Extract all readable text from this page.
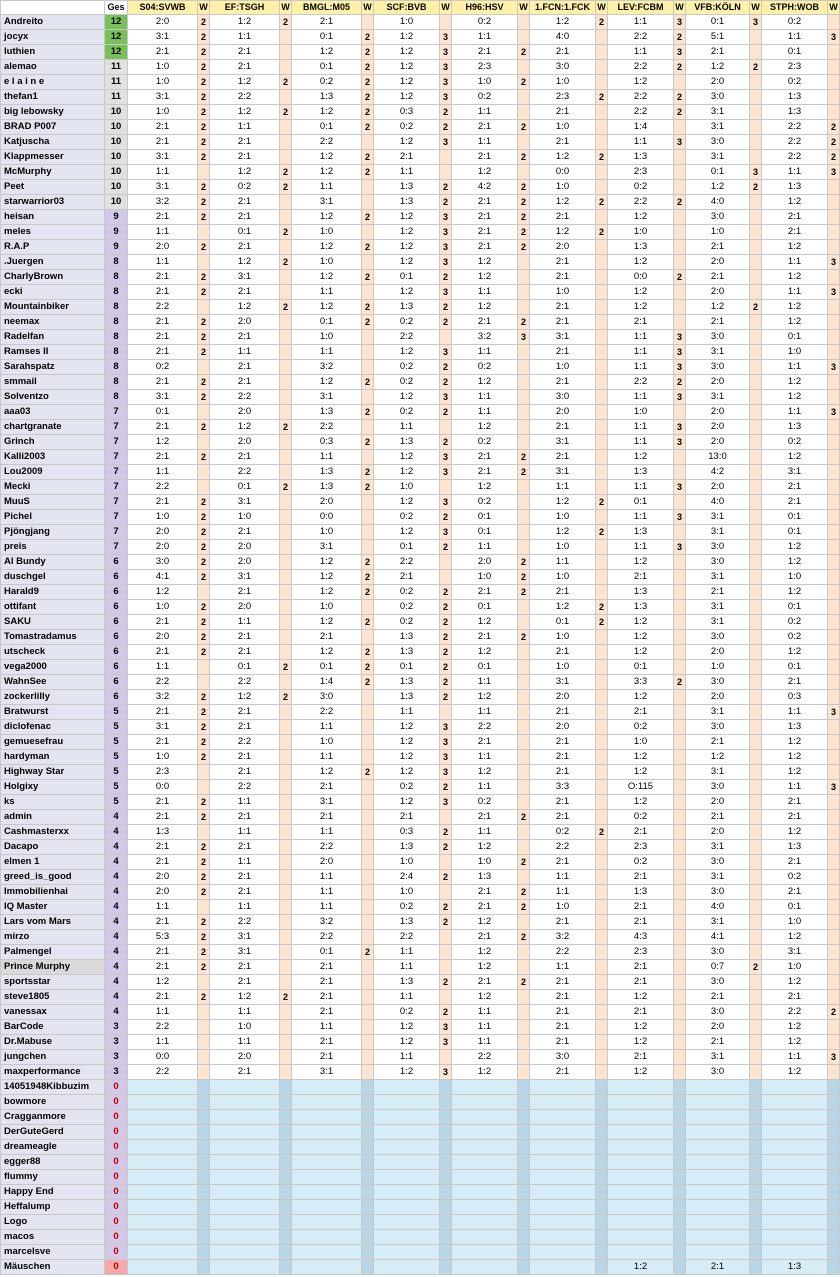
	Ges	S04:SVWB	W	EF:TSGH	W	BMGL:M05	W	SCF:BVB	W	H96:HSV	W	1.FCN:1.FCK	W	LEV:FCBM	W	VFB:KÖLN	W	STPH:WOB	W
Andreito	12	2:0	2	1:2	2	2:1		1:0		0:2		1:2	2	1:1	3	0:1	3	0:2	
jocyx	12	3:1	2	1:1		0:1	2	1:2	3	1:1		4:0		2:2	2	5:1		1:1	3
luthien	12	2:1	2	2:1		1:2	2	1:2	3	2:1	2	2:1		1:1	3	2:1		0:1	
alemao	11	1:0	2	2:1		0:1	2	1:2	3	2:3		3:0		2:2	2	1:2	2	2:3	
e l a i n e	11	1:0	2	1:2	2	0:2	2	1:2	3	1:0	2	1:0		1:2		2:0		0:2	
thefan1	11	3:1	2	2:2		1:3	2	1:2	3	0:2		2:3	2	2:2	2	3:0		1:3	
big lebowsky	10	1:0	2	1:2	2	1:2	2	0:3	2	1:1		2:1		2:2	2	3:1		1:3	
BRAD P007	10	2:1	2	1:1		0:1	2	0:2	2	2:1	2	1:0		1:4		3:1		2:2	2
Katjuscha	10	2:1	2	2:1		2:2		1:2	3	1:1		2:1		1:1	3	3:0		2:2	2
Klappmesser	10	3:1	2	2:1		1:2	2	2:1		2:1	2	1:2	2	1:3		3:1		2:2	2
McMurphy	10	1:1		1:2	2	1:2	2	1:1		1:2		0:0		2:3		0:1	3	1:1	3
Peet	10	3:1	2	0:2	2	1:1		1:3	2	4:2	2	1:0		0:2		1:2	2	1:3	
starwarrior03	10	3:2	2	2:1		3:1		1:3	2	2:1	2	1:2	2	2:2	2	4:0		1:2	
heisan	9	2:1	2	2:1		1:2	2	1:2	3	2:1	2	2:1		1:2		3:0		2:1	
meles	9	1:1		0:1	2	1:0		1:2	3	2:1	2	1:2	2	1:0		1:0		2:1	
R.A.P	9	2:0	2	2:1		1:2	2	1:2	3	2:1	2	2:0		1:3		2:1		1:2	
.Juergen	8	1:1		1:2	2	1:0		1:2	3	1:2		2:1		1:2		2:0		1:1	3
CharlyBrown	8	2:1	2	3:1		1:2	2	0:1	2	1:2		2:1		0:0	2	2:1		1:2	
ecki	8	2:1	2	2:1		1:1		1:2	3	1:1		1:0		1:2		2:0		1:1	3
Mountainbiker	8	2:2		1:2	2	1:2	2	1:3	2	1:2		2:1		1:2		1:2	2	1:2	
neemax	8	2:1	2	2:0		0:1	2	0:2	2	2:1	2	2:1		2:1		2:1		1:2	
Radelfan	8	2:1	2	2:1		1:0		2:2		3:2	3	3:1		1:1	3	3:0		0:1	
Ramses II	8	2:1	2	1:1		1:1		1:2	3	1:1		2:1		1:1	3	3:1		1:0	
Sarahspatz	8	0:2		2:1		3:2		0:2	2	0:2		1:0		1:1	3	3:0		1:1	3
smmail	8	2:1	2	2:1		1:2	2	0:2	2	1:2		2:1		2:2	2	2:0		1:2	
Solventzo	8	3:1	2	2:2		3:1		1:2	3	1:1		3:0		1:1	3	3:1		1:2	
aaa03	7	0:1		2:0		1:3	2	0:2	2	1:1		2:0		1:0		2:0		1:1	3
chartgranate	7	2:1	2	1:2	2	2:2		1:1		1:2		2:1		1:1	3	2:0		1:3	
Grinch	7	1:2		2:0		0:3	2	1:3	2	0:2		3:1		1:1	3	2:0		0:2	
Kalli2003	7	2:1	2	2:1		1:1		1:2	3	2:1	2	2:1		1:2		13:0		1:2	
Lou2009	7	1:1		2:2		1:3	2	1:2	3	2:1	2	3:1		1:3		4:2		3:1	
Mecki	7	2:2		0:1	2	1:3	2	1:0		1:2		1:1		1:1	3	2:0		2:1	
MuuS	7	2:1	2	3:1		2:0		1:2	3	0:2		1:2	2	0:1		4:0		2:1	
Pichel	7	1:0	2	1:0		0:0		0:2	2	0:1		1:0		1:1	3	3:1		0:1	
Pjöngjang	7	2:0	2	2:1		1:0		1:2	3	0:1		1:2	2	1:3		3:1		0:1	
preis	7	2:0	2	2:0		3:1		0:1	2	1:1		1:0		1:1	3	3:0		1:2	
Al Bundy	6	3:0	2	2:0		1:2	2	2:2		2:0	2	1:1		1:2		3:0		1:2	
duschgel	6	4:1	2	3:1		1:2	2	2:1		1:0	2	1:0		2:1		3:1		1:0	
Harald9	6	1:2		2:1		1:2	2	0:2	2	2:1	2	2:1		1:3		2:1		1:2	
ottifant	6	1:0	2	2:0		1:0		0:2	2	0:1		1:2	2	1:3		3:1		0:1	
SAKU	6	2:1	2	1:1		1:2	2	0:2	2	1:2		0:1	2	1:2		3:1		0:2	
Tomastradamus	6	2:0	2	2:1		2:1		1:3	2	2:1	2	1:0		1:2		3:0		0:2	
utscheck	6	2:1	2	2:1		1:2	2	1:3	2	1:2		2:1		1:2		2:0		1:2	
vega2000	6	1:1		0:1	2	0:1	2	0:1	2	0:1		1:0		0:1		1:0		0:1	
WahnSee	6	2:2		2:2		1:4	2	1:3	2	1:1		3:1		3:3	2	3:0		2:1	
zockerlilly	6	3:2	2	1:2	2	3:0		1:3	2	1:2		2:0		1:2		2:0		0:3	
Bratwurst	5	2:1	2	2:1		2:2		1:1		1:1		2:1		2:1		3:1		1:1	3
diclofenac	5	3:1	2	2:1		1:1		1:2	3	2:2		2:0		0:2		3:0		1:3	
gemuesefrau	5	2:1	2	2:2		1:0		1:2	3	2:1		2:1		1:0		2:1		1:2	
hardyman	5	1:0	2	2:1		1:1		1:2	3	1:1		2:1		1:2		1:2		1:2	
Highway Star	5	2:3		2:1		1:2	2	1:2	3	1:2		2:1		1:2		3:1		1:2	
Holgixy	5	0:0		2:2		2:1		0:2	2	1:1		3:3		O:115		3:0		1:1	3
ks	5	2:1	2	1:1		3:1		1:2	3	0:2		2:1		1:2		2:0		2:1	
admin	4	2:1	2	2:1		2:1		2:1		2:1	2	2:1		0:2		2:1		2:1	
Cashmasterxx	4	1:3		1:1		1:1		0:3	2	1:1		0:2	2	2:1		2:0		1:2	
Dacapo	4	2:1	2	2:1		2:2		1:3	2	1:2		2:2		2:3		3:1		1:3	
elmen 1	4	2:1	2	1:1		2:0		1:0		1:0	2	2:1		0:2		3:0		2:1	
greed_is_good	4	2:0	2	2:1		1:1		2:4	2	1:3		1:1		2:1		3:1		0:2	
Immobilienhai	4	2:0	2	2:1		1:1		1:0		2:1	2	1:1		1:3		3:0		2:1	
IQ Master	4	1:1		1:1		1:1		0:2	2	2:1	2	1:0		2:1		4:0		0:1	
Lars vom Mars	4	2:1	2	2:2		3:2		1:3	2	1:2		2:1		2:1		3:1		1:0	
mirzo	4	5:3	2	3:1		2:2		2:2		2:1	2	3:2		4:3		4:1		1:2	
Palmengel	4	2:1	2	3:1		0:1	2	1:1		1:2		2:2		2:3		3:0		3:1	
Prince Murphy	4	2:1	2	2:1		2:1		1:1		1:2		1:1		2:1		0:7	2	1:0	
sportsstar	4	1:2		2:1		2:1		1:3	2	2:1	2	2:1		2:1		3:0		1:2	
steve1805	4	2:1	2	1:2	2	2:1		1:1		1:2		2:1		1:2		2:1		2:1	
vanessax	4	1:1		1:1		2:1		0:2	2	1:1		2:1		2:1		3:0		2:2	2
BarCode	3	2:2		1:0		1:1		1:2	3	1:1		2:1		1:2		2:0		1:2	
Dr.Mabuse	3	1:1		1:1		2:1		1:2	3	1:1		2:1		1:2		2:1		1:2	
jungchen	3	0:0		2:0		2:1		1:1		2:2		3:0		2:1		3:1		1:1	3
maxperformance	3	2:2		2:1		3:1		1:2	3	1:2		2:1		1:2		3:0		1:2	
14051948Kibbuzim	0																		
bowmore	0																		
Cragganmore	0																		
DerGuteGerd	0																		
dreameagle	0																		
egger88	0																		
flummy	0																		
Happy End	0																		
Heffalump	0																		
Logo	0																		
macos	0																		
marcelsve	0																		
Mäuschen	0													1:2		2:1		1:3	
